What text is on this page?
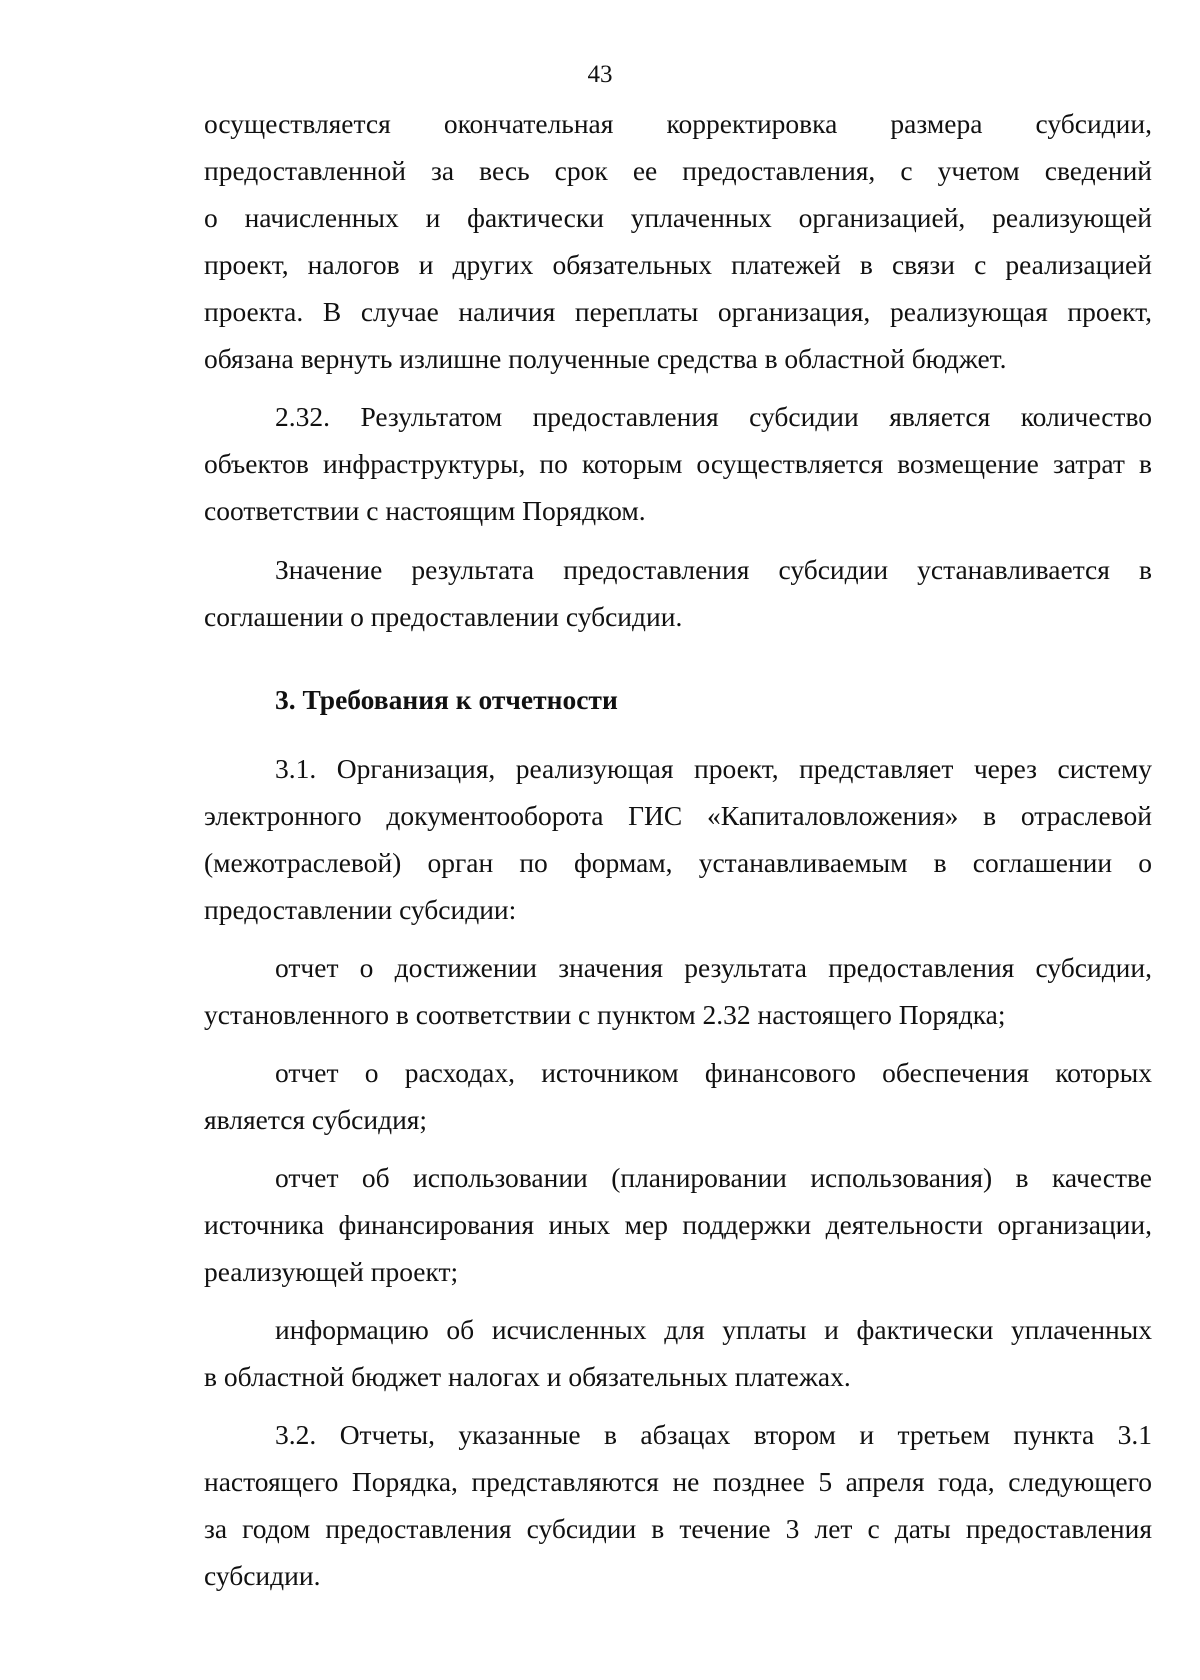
43

осуществляется окончательная корректировка размера субсидии,
предоставленной за весь срок ее предоставления, с учетом сведений
о начисленных и фактически уплаченных организацией, реализующей
проект, налогов и других обязательных платежей в связи с реализацией
проекта. В случае наличия переплаты организация, реализующая проект,
обязана вернуть излишне полученные средства в областной бюджет.

2.32. Результатом предоставления субсидии является количество
объектов инфраструктуры, по которым осуществляется возмещение затрат в
соответствии с настоящим Порядком.

Значение результата предоставления субсидии устанавливается в
соглашении о предоставлении субсидии.

3. Требования к отчетности

3.1. Организация, реализующая проект, представляет через систему
электронного документооборота ГИС «Капиталовложения» в отраслевой
(межотраслевой) орган по формам, устанавливаемым в соглашении о
предоставлении субсидии:

отчет о достижении значения результата предоставления субсидии,
установленного в соответствии с пунктом 2.32 настоящего Порядка;

отчет о расходах, источником финансового обеспечения которых
является субсидия;

отчет об использовании (планировании использования) в качестве
источника финансирования иных мер поддержки деятельности организации,
реализующей проект;

информацию об исчисленных для уплаты и фактически уплаченных
в областной бюджет налогах и обязательных платежах.

3.2. Отчеты, указанные в абзацах втором и третьем пункта 3.1
настоящего Порядка, представляются не позднее 5 апреля года, следующего
за годом предоставления субсидии в течение 3 лет с даты предоставления
субсидии.
